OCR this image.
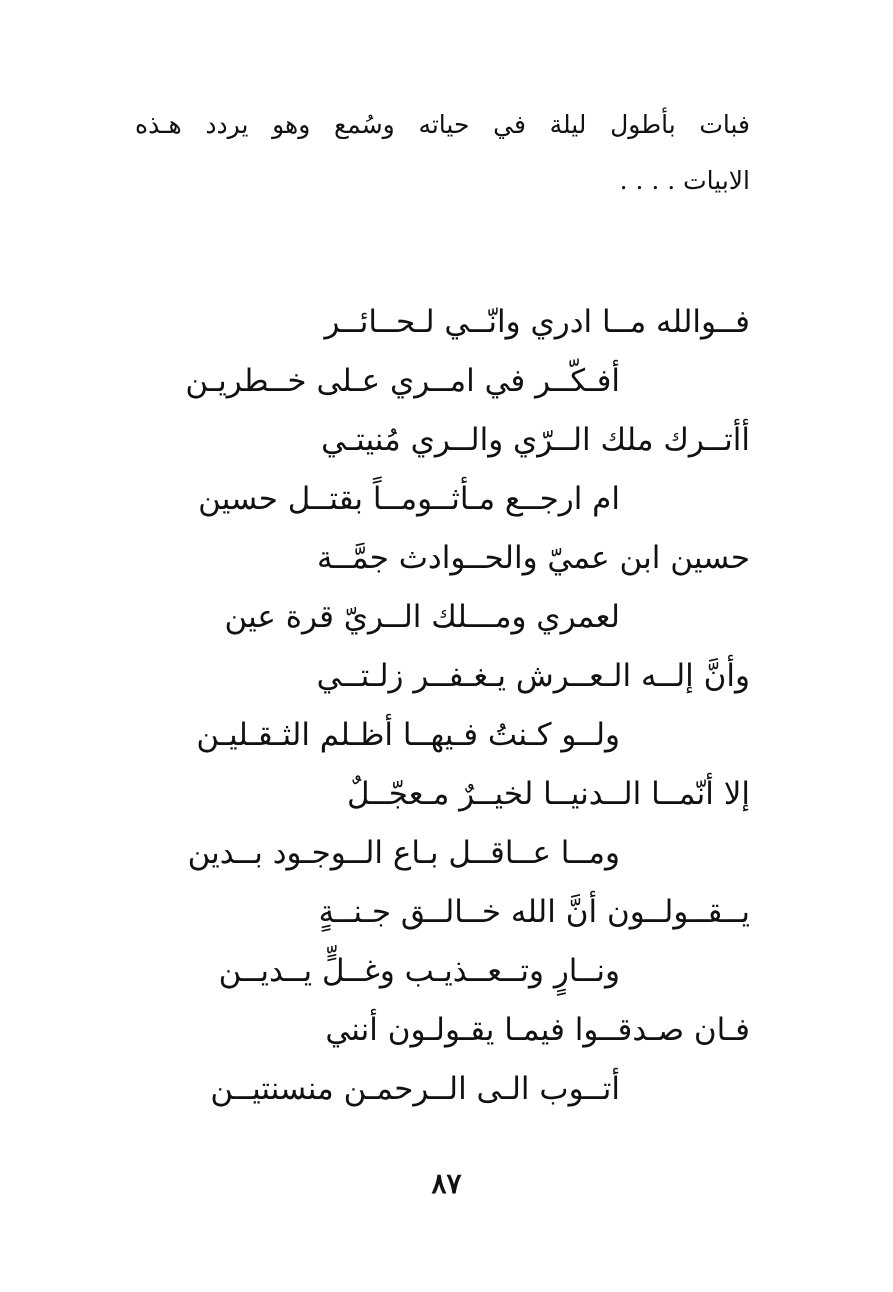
فبات بأطول ليلة في حياته وسُمع وهو يردد هـذه
الابيات . . . .
فــوالله مــا ادري وانّــي لـحــائــر
أفـكّــر في امــري عـلى خــطريـن
أأتــرك ملك الــرّي والــري مُنيتـي
ام ارجــع مـأثــومــاً بقتــل حسين
حسين ابن عميّ والحــوادث جمَّــة
لعمري ومـــلك الــريّ قرة عين
وأنَّ إلــه الـعــرش يـغـفــر زلـتــي
ولــو كـنتُ فـيهــا أظـلم الثـقـليـن
إلا أنّمــا الــدنيــا لخيــرٌ مـعجّــلٌ
ومــا عــاقــل بـاع الــوجـود بــدين
يــقــولــون أنَّ الله خــالــق جـنــةٍ
ونــارٍ وتــعــذيـب وغــلٍّ يــديــن
فـان صـدقــوا فيمـا يقـولـون أنني
أتــوب الـى الــرحمـن منسنتيــن
٨٧
